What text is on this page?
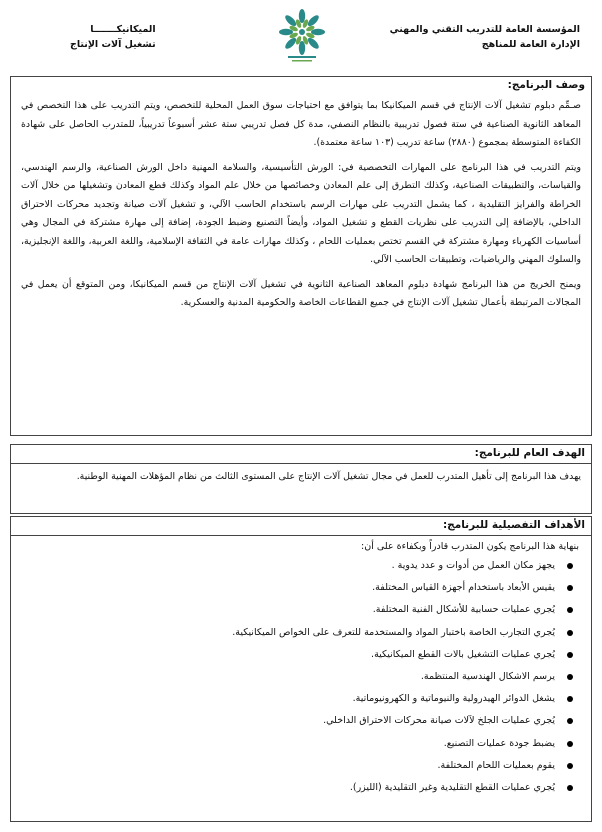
المؤسسة العامة للتدريب التقني والمهني
الإدارة العامة للمناهج
الميكانيكـــــــا
تشغيل آلات الإنتاج
وصف البرنامج:
صـمِّم دبلوم تشغيل آلات الإنتاج في قسم الميكانيكا بما يتوافق مع احتياجات سوق العمل المحلية للتخصص، ويتم التدريب على هذا التخصص في المعاهد الثانوية الصناعية في ستة فصول تدريبية بالنظام النصفي، مدة كل فصل تدريبي ستة عشر أسبوعاً تدريبياً، للمتدرب الحاصل على شهادة الكفاءة المتوسطة بمجموع (٢٨٨٠) ساعة تدريب (١٠٣ ساعة معتمدة).
ويتم التدريب في هذا البرنامج على المهارات التخصصية في: الورش التأسيسية، والسلامة المهنية داخل الورش الصناعية، والرسم الهندسي، والقياسات، والتطبيقات الصناعية، وكذلك التطرق إلى علم المعادن وخصائصها من خلال علم المواد وكذلك قطع المعادن وتشغيلها من خلال آلات الخراطة والفرايز التقليدية ، كما يشمل التدريب على مهارات الرسم باستخدام الحاسب الآلي، و تشغيل آلات صيانة وتجديد محركات الاحتراق الداخلي، بالإضافة إلى التدريب على نظريات القطع و تشغيل المواد، وأيضاً التصنيع وضبط الجودة، إضافة إلى مهارة مشتركة في المجال وهي أساسيات الكهرباء ومهارة مشتركة في القسم تختص بعمليات اللحام ، وكذلك مهارات عامة في الثقافة الإسلامية، واللغة العربية، واللغة الإنجليزية، والسلوك المهني والرياضيات، وتطبيقات الحاسب الآلي.
ويمنح الخريج من هذا البرنامج شهادة دبلوم المعاهد الصناعية الثانوية في تشغيل آلات الإنتاج من قسم الميكانيكا، ومن المتوقع أن يعمل في المجالات المرتبطة بأعمال تشغيل آلات الإنتاج في جميع القطاعات الخاصة والحكومية المدنية والعسكرية.
الهدف العام للبرنامج:
يهدف هذا البرنامج إلى تأهيل المتدرب للعمل في مجال تشغيل آلات الإنتاج على المستوى الثالث من نظام المؤهلات المهنية الوطنية.
الأهداف التفصيلية للبرنامج:
بنهاية هذا البرنامج يكون المتدرب قادراً وبكفاءة على أن:
يجهز مكان العمل من أدوات و عدد يدوية .
يقيس الأبعاد باستخدام أجهزة القياس المختلفة.
يُجري عمليات حسابية للأشكال الفنية المختلفة.
يُجري التجارب الخاصة باختبار المواد والمستخدمة للتعرف على الخواص الميكانيكية.
يُجري عمليات التشغيل بالات القطع الميكانيكية.
يرسم الاشكال الهندسية المنتظمة.
يشغل الدوائر الهيدرولية والنيوماتية و الكهرونيوماتية.
يُجري عمليات الجلخ لآلات صيانة محركات الاحتراق الداخلي.
يضبط جودة عمليات التصنيع.
يقوم بعمليات اللحام المختلفة.
يُجري عمليات القطع التقليدية وغير التقليدية (الليزر).
